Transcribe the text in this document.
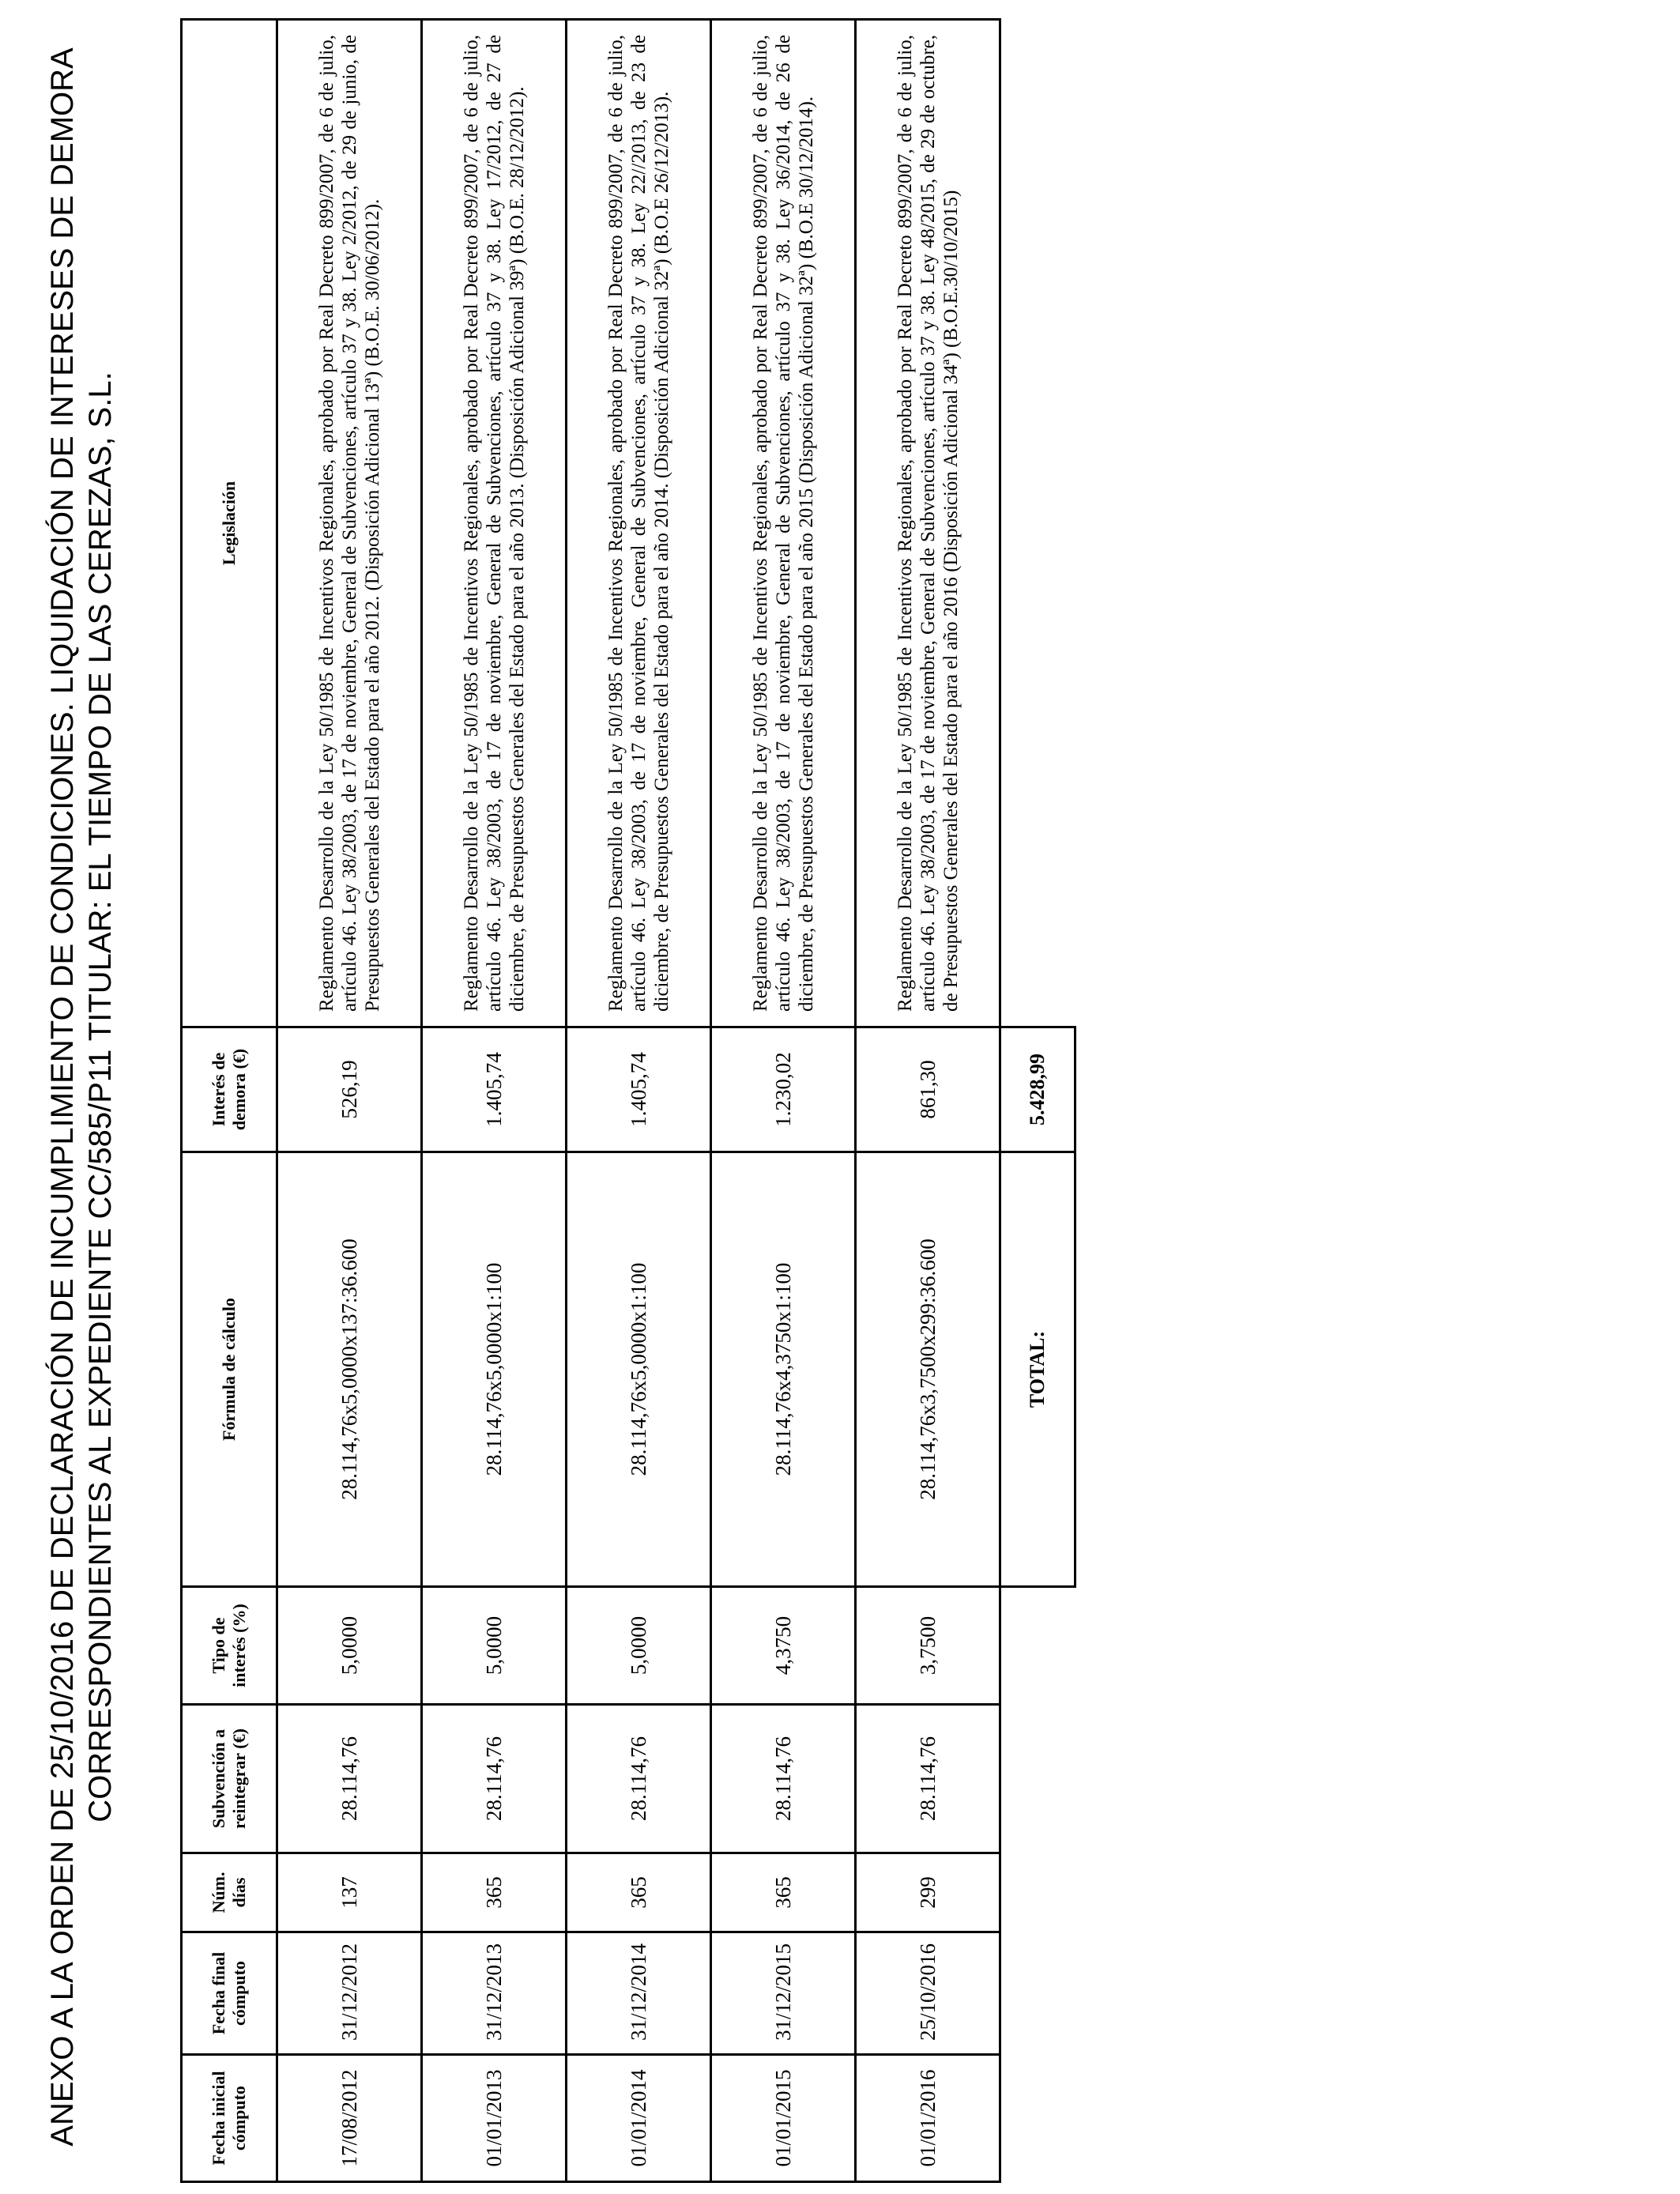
ANEXO A LA ORDEN DE 25/10/2016 DE DECLARACIÓN DE INCUMPLIMIENTO DE CONDICIONES. LIQUIDACIÓN DE INTERESES DE DEMORA CORRESPONDIENTES AL EXPEDIENTE CC/585/P11 TITULAR: EL TIEMPO DE LAS CEREZAS, S.L.
Fecha inicial cómputo	Fecha final cómputo	Núm. días	Subvención a reintegrar (€)	Tipo de interés (%)	Fórmula de cálculo	Interés de demora (€)	Legislación
17/08/2012	31/12/2012	137	28.114,76	5,0000	28.114,76x5,0000x137:36.600	526,19	Reglamento Desarrollo de la Ley 50/1985 de Incentivos Regionales, aprobado por Real Decreto 899/2007, de 6 de julio, artículo 46. Ley 38/2003, de 17 de noviembre, General de Subvenciones, artículo 37 y 38. Ley 2/2012, de 29 de junio, de Presupuestos Generales del Estado para el año 2012. (Disposición Adicional 13ª) (B.O.E. 30/06/2012).
01/01/2013	31/12/2013	365	28.114,76	5,0000	28.114,76x5,0000x1:100	1.405,74	Reglamento Desarrollo de la Ley 50/1985 de Incentivos Regionales, aprobado por Real Decreto 899/2007, de 6 de julio, artículo 46. Ley 38/2003, de 17 de noviembre, General de Subvenciones, artículo 37 y 38. Ley 17/2012, de 27 de diciembre, de Presupuestos Generales del Estado para el año 2013. (Disposición Adicional 39ª) (B.O.E. 28/12/2012).
01/01/2014	31/12/2014	365	28.114,76	5,0000	28.114,76x5,0000x1:100	1.405,74	Reglamento Desarrollo de la Ley 50/1985 de Incentivos Regionales, aprobado por Real Decreto 899/2007, de 6 de julio, artículo 46. Ley 38/2003, de 17 de noviembre, General de Subvenciones, artículo 37 y 38. Ley 22//2013, de 23 de diciembre, de Presupuestos Generales del Estado para el año 2014. (Disposición Adicional 32ª) (B.O.E 26/12/2013).
01/01/2015	31/12/2015	365	28.114,76	4,3750	28.114,76x4,3750x1:100	1.230,02	Reglamento Desarrollo de la Ley 50/1985 de Incentivos Regionales, aprobado por Real Decreto 899/2007, de 6 de julio, artículo 46. Ley 38/2003, de 17 de noviembre, General de Subvenciones, artículo 37 y 38. Ley 36/2014, de 26 de diciembre, de Presupuestos Generales del Estado para el año 2015 (Disposición Adicional 32ª) (B.O.E 30/12/2014).
01/01/2016	25/10/2016	299	28.114,76	3,7500	28.114,76x3,7500x299:36.600	861,30	Reglamento Desarrollo de la Ley 50/1985 de Incentivos Regionales, aprobado por Real Decreto 899/2007, de 6 de julio, artículo 46. Ley 38/2003, de 17 de noviembre, General de Subvenciones, artículo 37 y 38. Ley 48/2015, de 29 de octubre, de Presupuestos Generales del Estado para el año 2016 (Disposición Adicional 34ª) (B.O.E.30/10/2015)
					TOTAL:	5.428,99	
